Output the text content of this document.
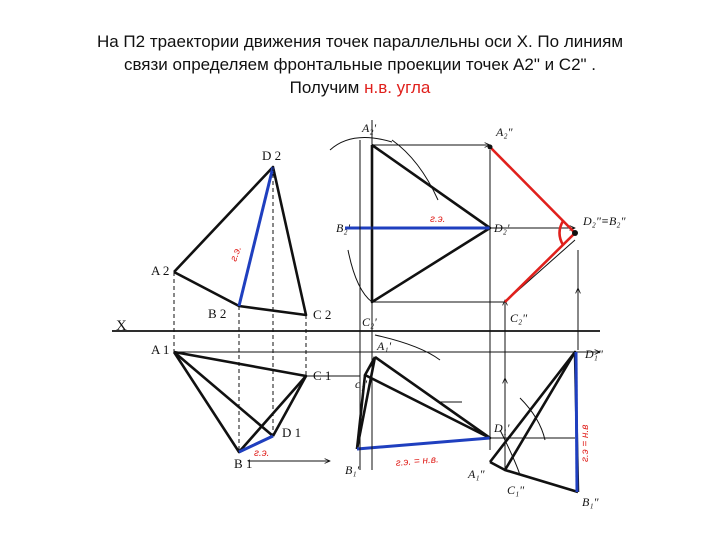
На П2 траектории движения точек параллельны оси X. По линиям
связи определяем фронтальные проекции точек А2" и С2" .
Получим н.в. угла
X
D 2
A 2
B 2	C 2
A 1
C 1
D 1
B 1
г.э.
г.э.
A₂'	A₂"
B₂'	D₂'
г.э.	D₂"≡B₂"
C₂'	C₂"
A₁'
c₁'
D₁'
B₁'
г.э. = н.в.
D₁"
г.э = н.в
A₁"
C₁"
B₁"
